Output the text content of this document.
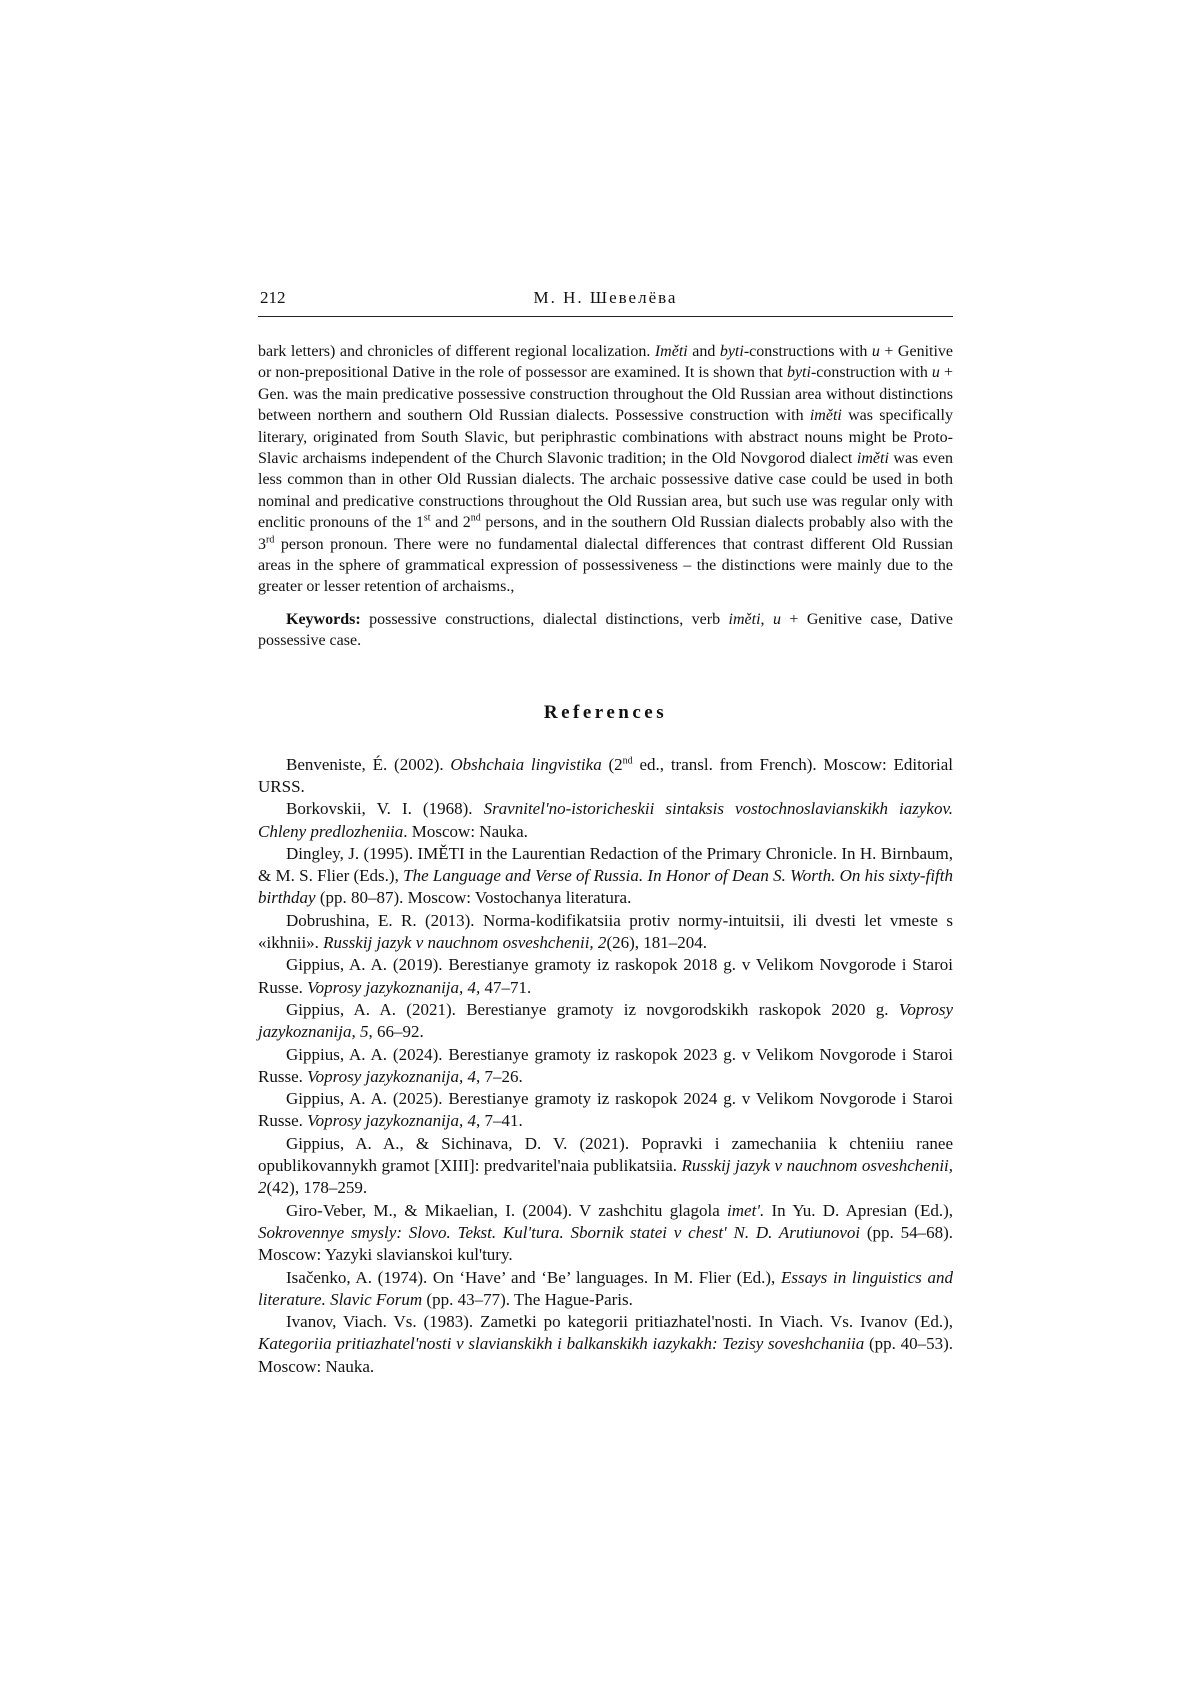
212	М. Н. Шевелёва

bark letters) and chronicles of different regional localization. Iměti and byti-constructions with u + Genitive or non-prepositional Dative in the role of possessor are examined. It is shown that byti-construction with u + Gen. was the main predicative possessive construction throughout the Old Russian area without distinctions between northern and southern Old Russian dialects. Possessive construction with iměti was specifically literary, originated from South Slavic, but periphrastic combinations with abstract nouns might be Proto-Slavic archaisms independent of the Church Slavonic tradition; in the Old Novgorod dialect iměti was even less common than in other Old Russian dialects. The archaic possessive dative case could be used in both nominal and predicative constructions throughout the Old Russian area, but such use was regular only with enclitic pronouns of the 1st and 2nd persons, and in the southern Old Russian dialects probably also with the 3rd person pronoun. There were no fundamental dialectal differences that contrast different Old Russian areas in the sphere of grammatical expression of possessiveness – the distinctions were mainly due to the greater or lesser retention of archaisms.,

Keywords: possessive constructions, dialectal distinctions, verb iměti, u + Genitive case, Dative possessive case.

References

Benveniste, É. (2002). Obshchaia lingvistika (2nd ed., transl. from French). Moscow: Editorial URSS.

Borkovskii, V. I. (1968). Sravnitel'no-istoricheskii sintaksis vostochnoslavianskikh iazykov. Chleny predlozheniia. Moscow: Nauka.

Dingley, J. (1995). IMĚTI in the Laurentian Redaction of the Primary Chronicle. In H. Birnbaum, & M. S. Flier (Eds.), The Language and Verse of Russia. In Honor of Dean S. Worth. On his sixty-fifth birthday (pp. 80–87). Moscow: Vostochanya literatura.

Dobrushina, E. R. (2013). Norma-kodifikatsiia protiv normy-intuitsii, ili dvesti let vmeste s «ikhnii». Russkij jazyk v nauchnom osveshchenii, 2(26), 181–204.

Gippius, A. A. (2019). Berestianye gramoty iz raskopok 2018 g. v Velikom Novgorode i Staroi Russe. Voprosy jazykoznanija, 4, 47–71.

Gippius, A. A. (2021). Berestianye gramoty iz novgorodskikh raskopok 2020 g. Voprosy jazykoznanija, 5, 66–92.

Gippius, A. A. (2024). Berestianye gramoty iz raskopok 2023 g. v Velikom Novgorode i Staroi Russe. Voprosy jazykoznanija, 4, 7–26.

Gippius, A. A. (2025). Berestianye gramoty iz raskopok 2024 g. v Velikom Novgorode i Staroi Russe. Voprosy jazykoznanija, 4, 7–41.

Gippius, A. A., & Sichinava, D. V. (2021). Popravki i zamechaniia k chteniiu ranee opublikovannykh gramot [XIII]: predvaritel'naia publikatsiia. Russkij jazyk v nauchnom osveshchenii, 2(42), 178–259.

Giro-Veber, M., & Mikaelian, I. (2004). V zashchitu glagola imet'. In Yu. D. Apresian (Ed.), Sokrovennye smysly: Slovo. Tekst. Kul'tura. Sbornik statei v chest' N. D. Arutiunovoi (pp. 54–68). Moscow: Yazyki slavianskoi kul'tury.

Isačenko, A. (1974). On ‘Have’ and ‘Be’ languages. In M. Flier (Ed.), Essays in linguistics and literature. Slavic Forum (pp. 43–77). The Hague-Paris.

Ivanov, Viach. Vs. (1983). Zametki po kategorii pritiazhatel'nosti. In Viach. Vs. Ivanov (Ed.), Kategoriia pritiazhatel'nosti v slavianskikh i balkanskikh iazykakh: Tezisy soveshchaniia (pp. 40–53). Moscow: Nauka.
